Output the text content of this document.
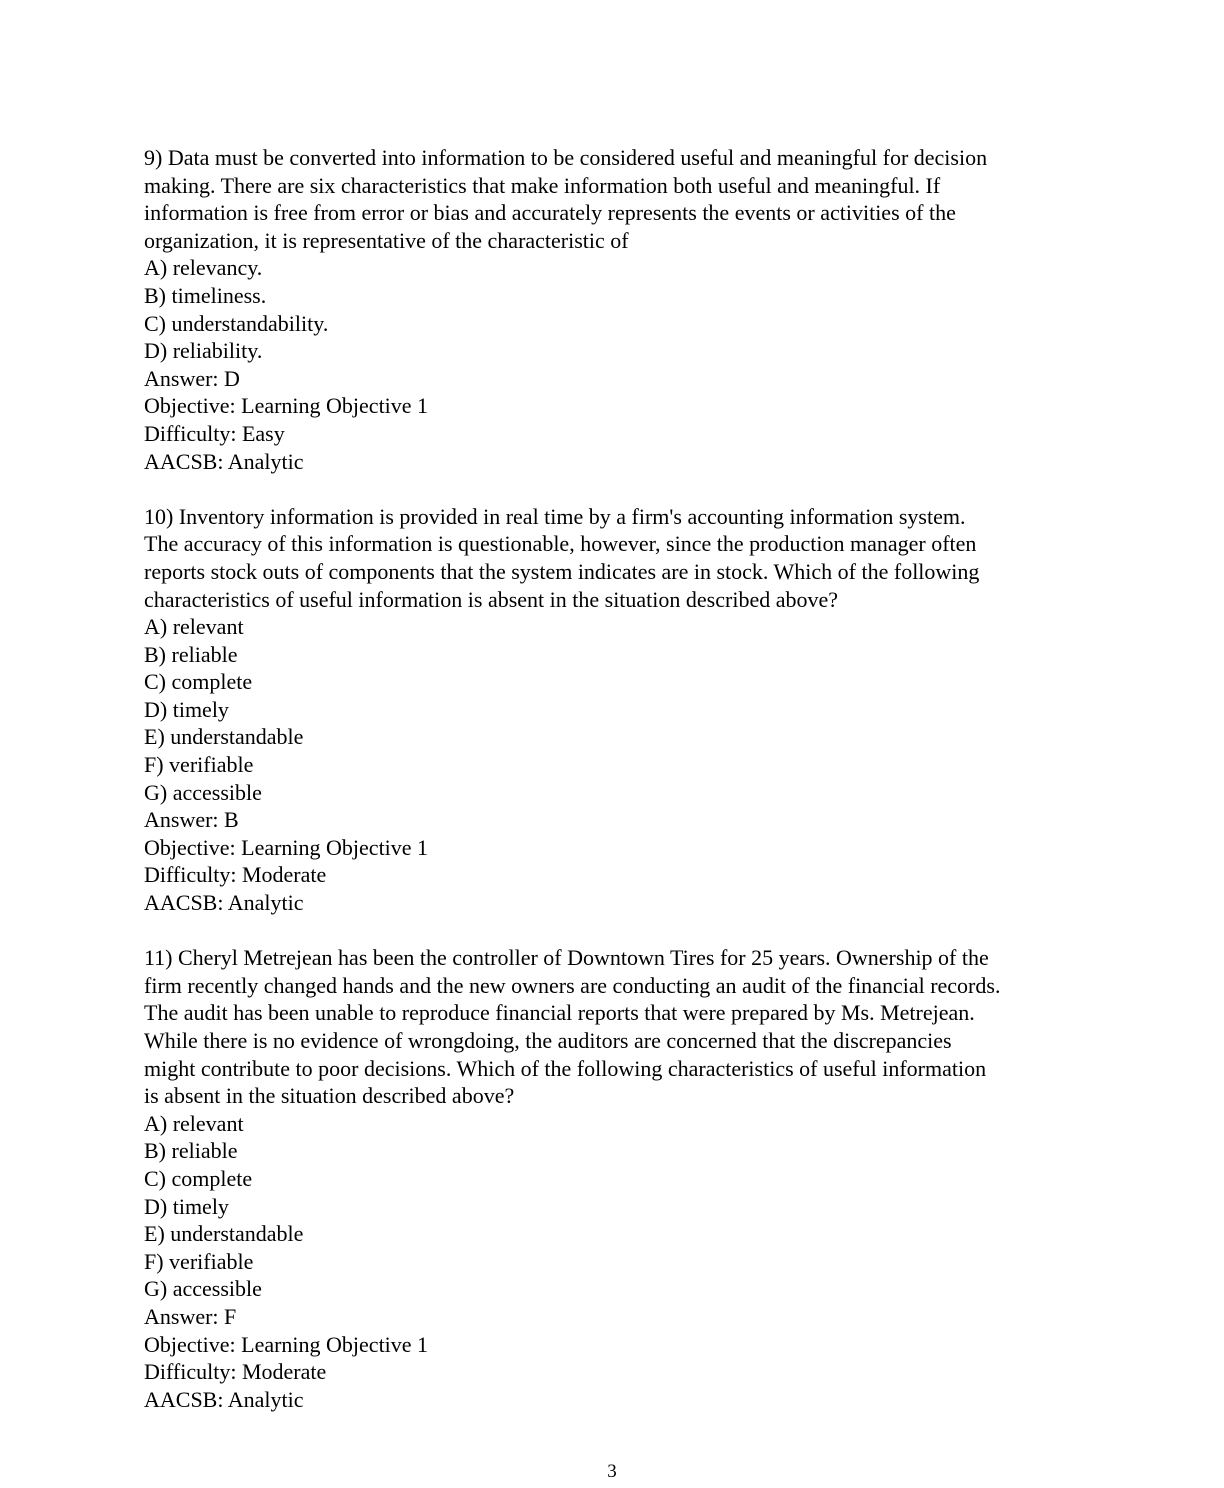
9) Data must be converted into information to be considered useful and meaningful for decision
making. There are six characteristics that make information both useful and meaningful. If
information is free from error or bias and accurately represents the events or activities of the
organization, it is representative of the characteristic of
A) relevancy.
B) timeliness.
C) understandability.
D) reliability.
Answer: D
Objective: Learning Objective 1
Difficulty: Easy
AACSB: Analytic
10) Inventory information is provided in real time by a firm's accounting information system.
The accuracy of this information is questionable, however, since the production manager often
reports stock outs of components that the system indicates are in stock. Which of the following
characteristics of useful information is absent in the situation described above?
A) relevant
B) reliable
C) complete
D) timely
E) understandable
F) verifiable
G) accessible
Answer: B
Objective: Learning Objective 1
Difficulty: Moderate
AACSB: Analytic
11) Cheryl Metrejean has been the controller of Downtown Tires for 25 years. Ownership of the
firm recently changed hands and the new owners are conducting an audit of the financial records.
The audit has been unable to reproduce financial reports that were prepared by Ms. Metrejean.
While there is no evidence of wrongdoing, the auditors are concerned that the discrepancies
might contribute to poor decisions. Which of the following characteristics of useful information
is absent in the situation described above?
A) relevant
B) reliable
C) complete
D) timely
E) understandable
F) verifiable
G) accessible
Answer: F
Objective: Learning Objective 1
Difficulty: Moderate
AACSB: Analytic
3
